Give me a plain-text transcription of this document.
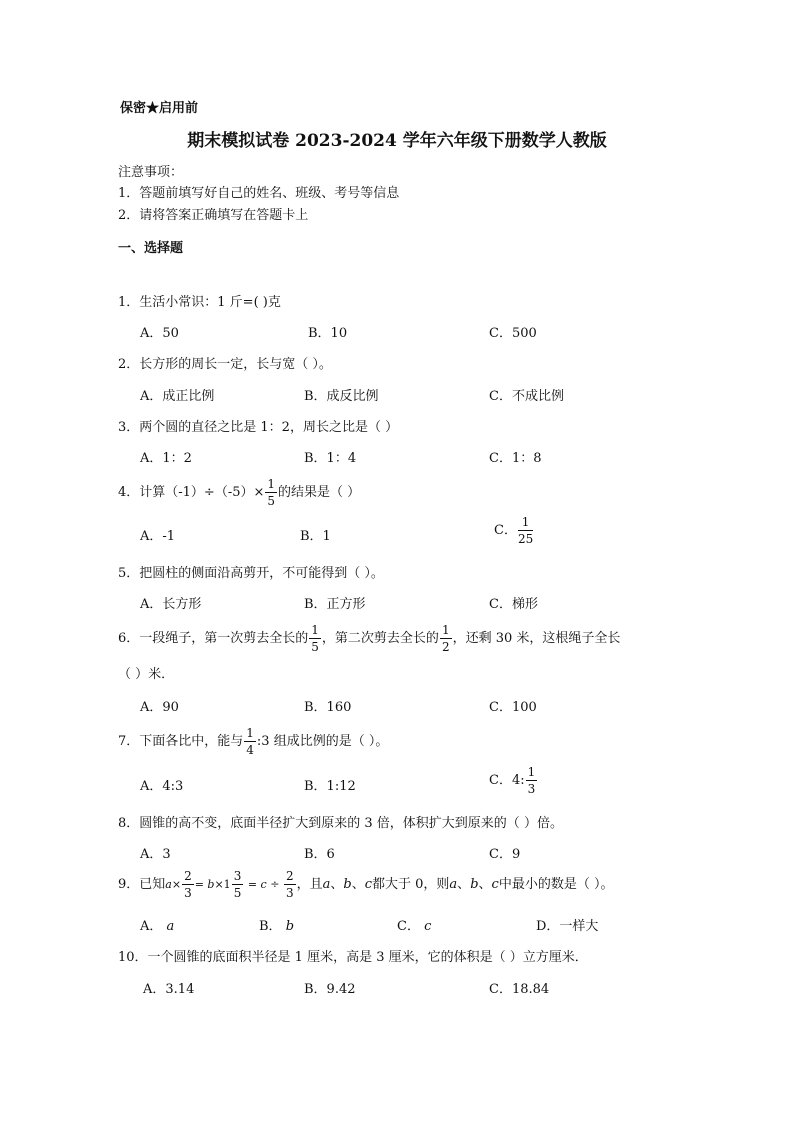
保密★启用前
期末模拟试卷 2023-2024 学年六年级下册数学人教版
注意事项：
1．答题前填写好自己的姓名、班级、考号等信息
2．请将答案正确填写在答题卡上
一、选择题
1．生活小常识：1 斤=( )克
A．50	B．10	C．500
2．长方形的周长一定，长与宽（ ）。
A．成正比例	B．成反比例	C．不成比例
3．两个圆的直径之比是 1：2，周长之比是（ ）
A．1：2	B．1：4	C．1：8
4．计算$(-1)\div(-5)\times \frac{1}{5}$ 的结果是（ ）
A．-1	B．1	C． $\frac{1}{25}$
5．把圆柱的侧面沿高剪开，不可能得到（ ）。
A．长方形	B．正方形	C．梯形
6．一段绳子，第一次剪去全长的 $\frac{1}{5}$ ，第二次剪去全长的 $\frac{1}{2}$ ，还剩 30 米，这根绳子全长
（ ）米．
A．90	B．160	C．100
7．下面各比中，能与 $\frac{1}{4}$ :3 组成比例的是（ ）。
A．4:3	B．1:12	C．4: $\frac{1}{3}$
8．圆锥的高不变，底面半径扩大到原来的 3 倍，体积扩大到原来的（ ）倍。
A．3	B．6	C．9
9．已知$a\times \frac{2}{3} = b\times 1 \frac{3}{5} = c \div \frac{2}{3}$ ，且a、b、c都大于 0，则a、b、c中最小的数是（ ）。
A． a	B． b	C． c	D．一样大
10．一个圆锥的底面积半径是 1 厘米，高是 3 厘米，它的体积是（ ）立方厘米．
A．3.14	B．9.42	C．18.84
